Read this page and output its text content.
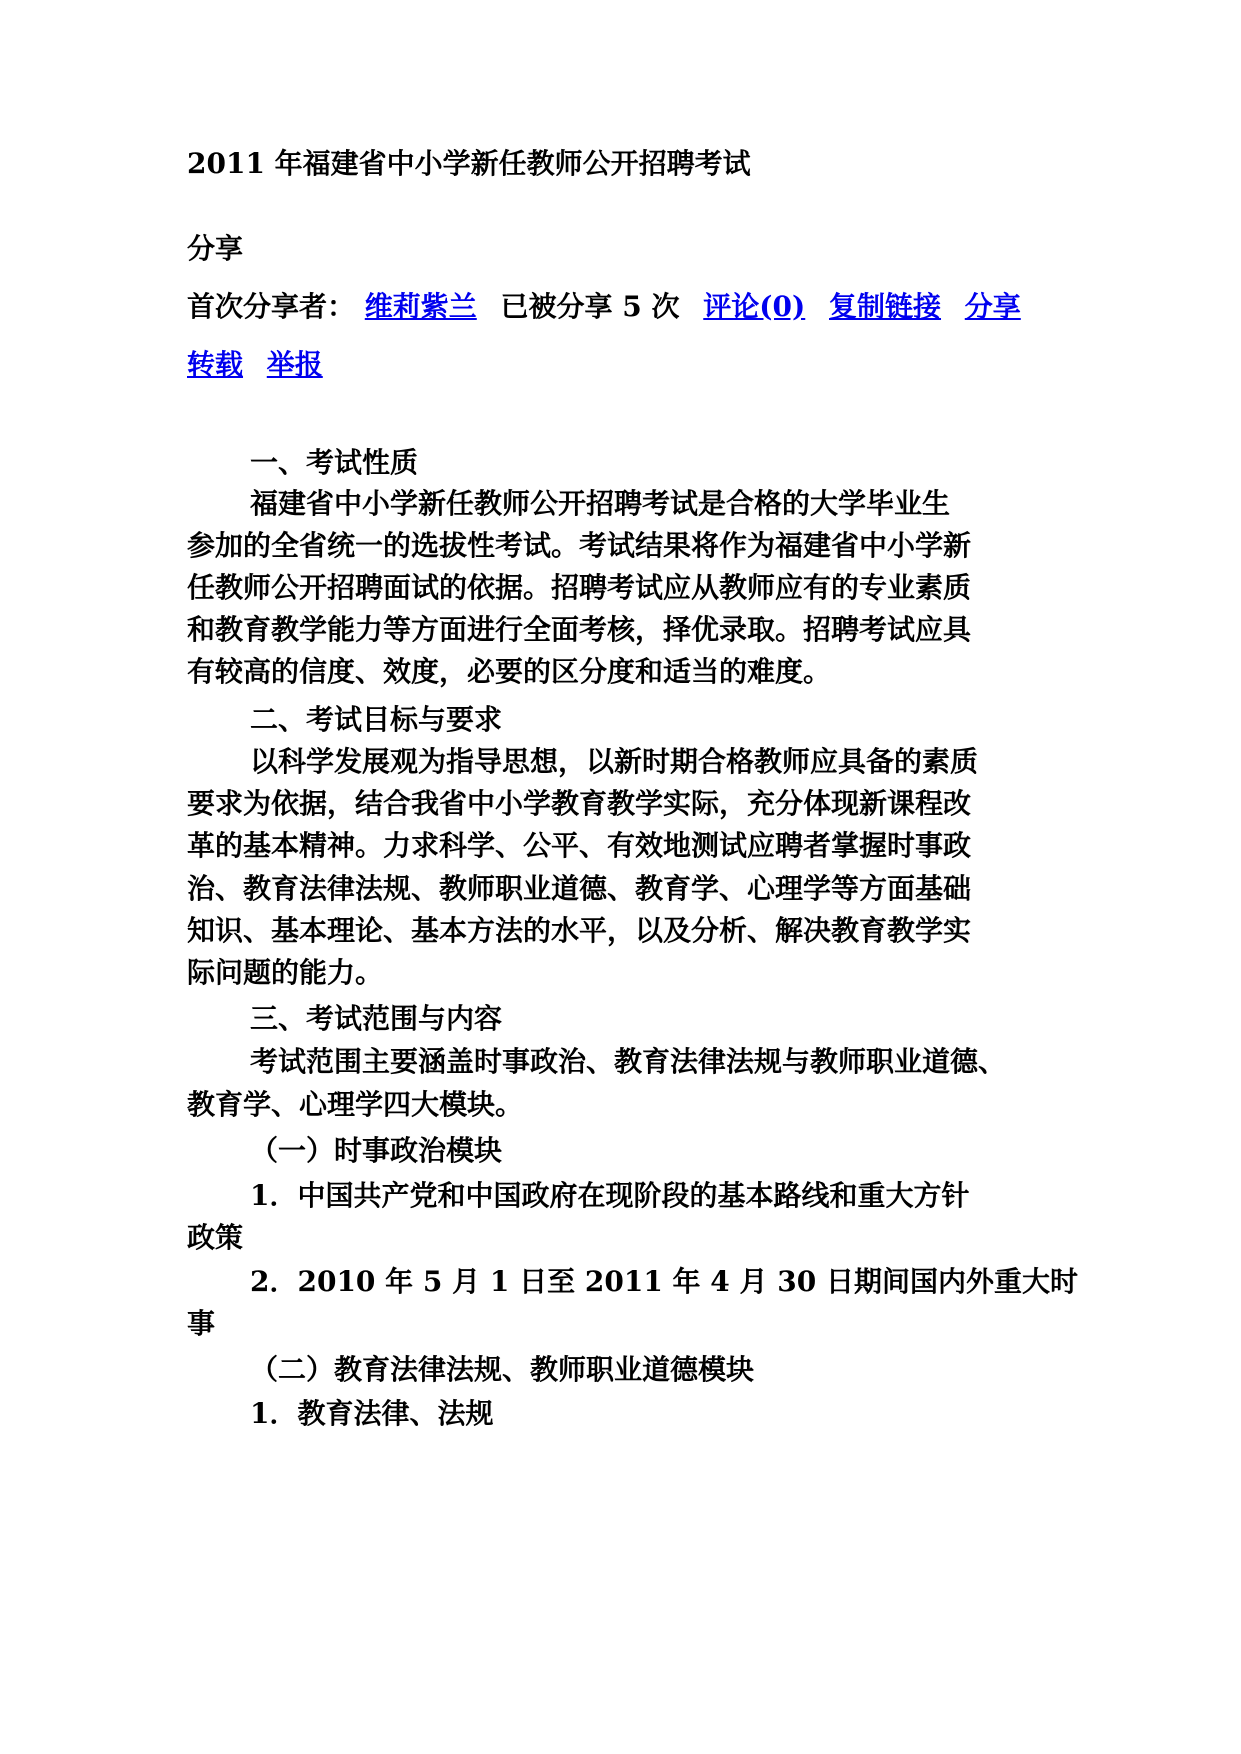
2011 年福建省中小学新任教师公开招聘考试
分享
首次分享者： 维莉紫兰 已被分享 5 次 评论(0) 复制链接 分享
转载 举报
一、考试性质
福建省中小学新任教师公开招聘考试是合格的大学毕业生
参加的全省统一的选拔性考试。考试结果将作为福建省中小学新
任教师公开招聘面试的依据。招聘考试应从教师应有的专业素质
和教育教学能力等方面进行全面考核，择优录取。招聘考试应具
有较高的信度、效度，必要的区分度和适当的难度。
二、考试目标与要求
以科学发展观为指导思想，以新时期合格教师应具备的素质
要求为依据，结合我省中小学教育教学实际，充分体现新课程改
革的基本精神。力求科学、公平、有效地测试应聘者掌握时事政
治、教育法律法规、教师职业道德、教育学、心理学等方面基础
知识、基本理论、基本方法的水平，以及分析、解决教育教学实
际问题的能力。
三、考试范围与内容
考试范围主要涵盖时事政治、教育法律法规与教师职业道德、
教育学、心理学四大模块。
（一）时事政治模块
1．中国共产党和中国政府在现阶段的基本路线和重大方针
政策
2．2010 年 5 月 1 日至 2011 年 4 月 30 日期间国内外重大时
事
（二）教育法律法规、教师职业道德模块
1．教育法律、法规
